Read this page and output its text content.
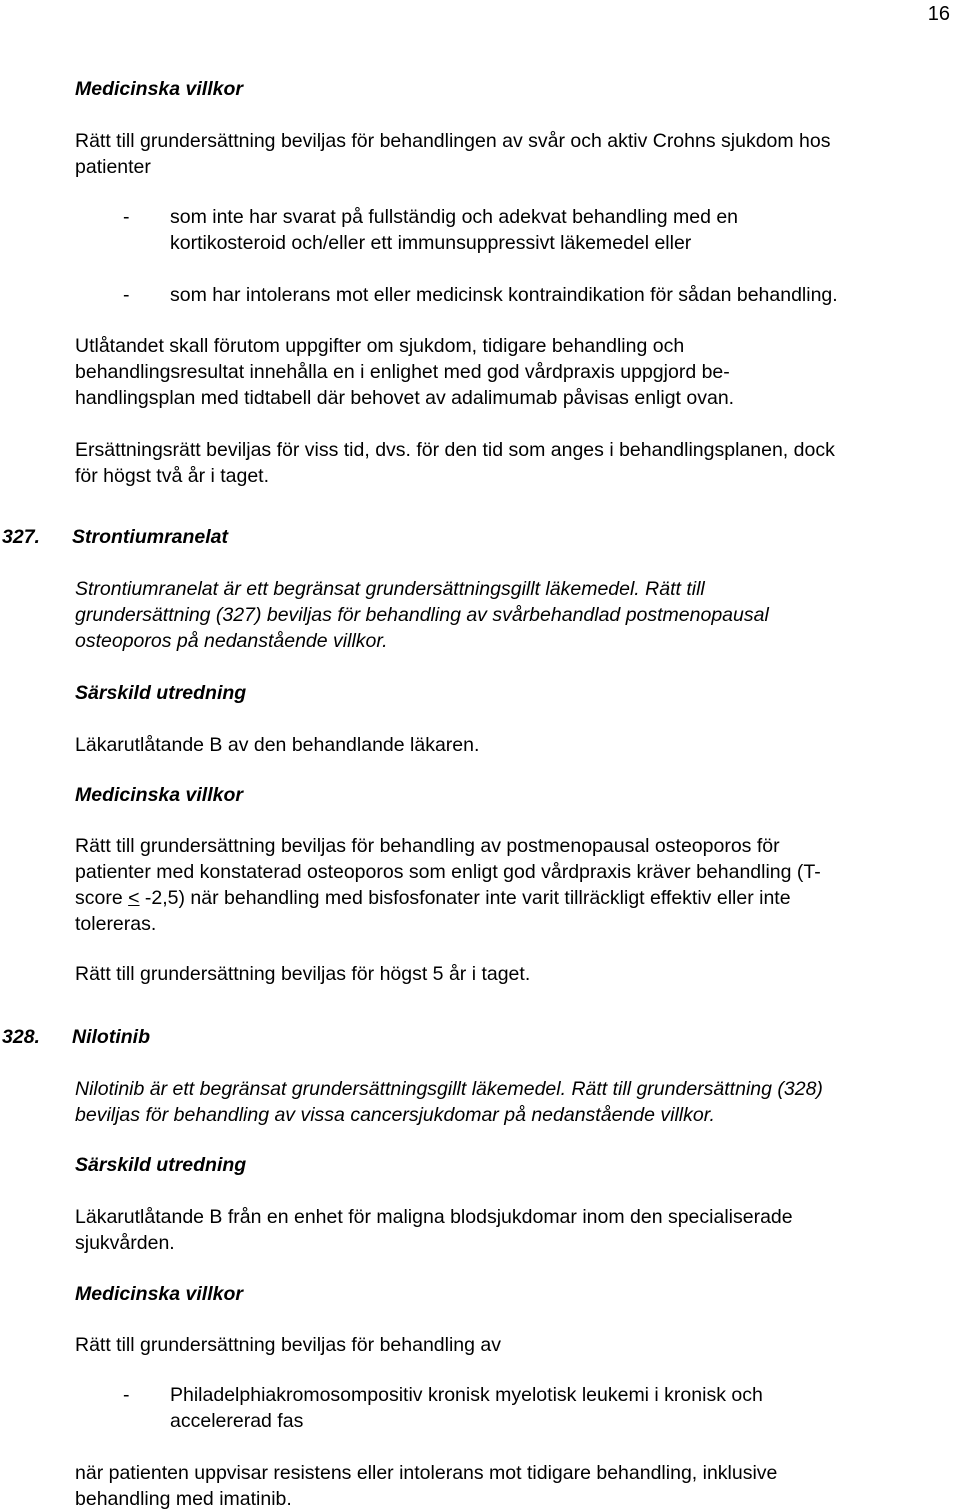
16
Medicinska villkor
Rätt till grundersättning beviljas för behandlingen av svår och aktiv Crohns sjukdom hos
patienter
- som inte har svarat på fullständig och adekvat behandling med en
kortikosteroid och/eller ett immunsuppressivt läkemedel eller
- som har intolerans mot eller medicinsk kontraindikation för sådan behandling.
Utlåtandet skall förutom uppgifter om sjukdom, tidigare behandling och
behandlingsresultat innehålla en i enlighet med god vårdpraxis uppgjord be-
handlingsplan med tidtabell där behovet av adalimumab påvisas enligt ovan.
Ersättningsrätt beviljas för viss tid, dvs. för den tid som anges i behandlingsplanen, dock
för högst två år i taget.
327. Strontiumranelat
Strontiumranelat är ett begränsat grundersättningsgillt läkemedel. Rätt till
grundersättning (327) beviljas för behandling av svårbehandlad postmenopausal
osteoporos på nedanstående villkor.
Särskild utredning
Läkarutlåtande B av den behandlande läkaren.
Medicinska villkor
Rätt till grundersättning beviljas för behandling av postmenopausal osteoporos för
patienter med konstaterad osteoporos som enligt god vårdpraxis kräver behandling (T-
score < -2,5) när behandling med bisfosfonater inte varit tillräckligt effektiv eller inte
tolereras.
Rätt till grundersättning beviljas för högst 5 år i taget.
328. Nilotinib
Nilotinib är ett begränsat grundersättningsgillt läkemedel. Rätt till grundersättning (328)
beviljas för behandling av vissa cancersjukdomar på nedanstående villkor.
Särskild utredning
Läkarutlåtande B från en enhet för maligna blodsjukdomar inom den specialiserade
sjukvården.
Medicinska villkor
Rätt till grundersättning beviljas för behandling av
- Philadelphiakromosompositiv kronisk myelotisk leukemi i kronisk och
accelererad fas
när patienten uppvisar resistens eller intolerans mot tidigare behandling, inklusive
behandling med imatinib.
